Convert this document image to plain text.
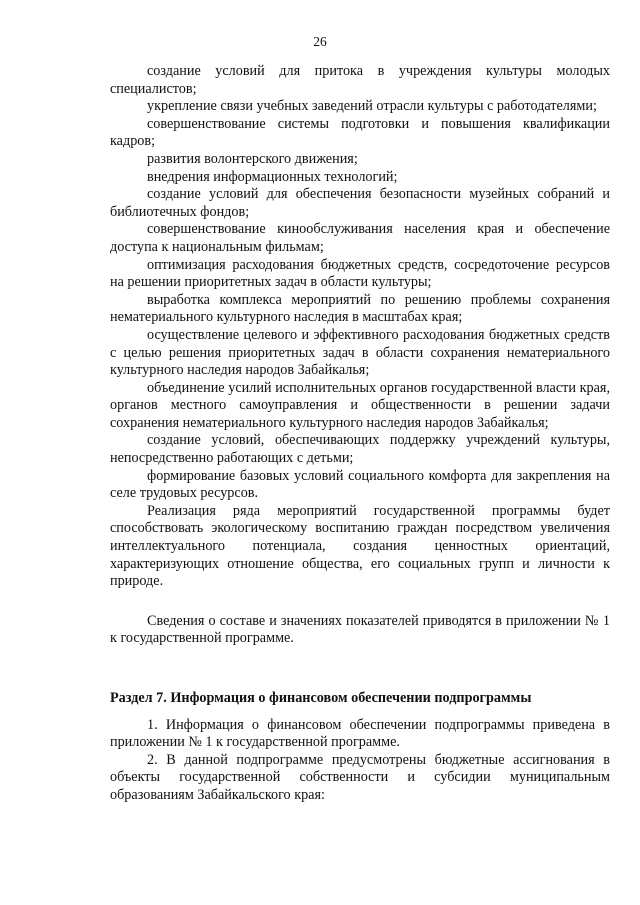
26

создание условий для притока в учреждения культуры молодых специалистов;

укрепление связи учебных заведений отрасли культуры с работодателями;

совершенствование системы подготовки и повышения квалификации кадров;

развития волонтерского движения;

внедрения информационных технологий;

создание условий для обеспечения безопасности музейных собраний и библиотечных фондов;

совершенствование кинообслуживания населения края и обеспечение доступа к национальным фильмам;

оптимизация расходования бюджетных средств, сосредоточение ресурсов на решении приоритетных задач в области культуры;

выработка комплекса мероприятий по решению проблемы сохранения нематериального культурного наследия в масштабах края;

осуществление целевого и эффективного расходования бюджетных средств с целью решения приоритетных задач в области сохранения нематериального культурного наследия народов Забайкалья;

объединение усилий исполнительных органов государственной власти края, органов местного самоуправления и общественности в решении задачи сохранения нематериального культурного наследия народов Забайкалья;

создание условий, обеспечивающих поддержку учреждений культуры, непосредственно работающих с детьми;

формирование базовых условий социального комфорта для закрепления на селе трудовых ресурсов.

Реализация ряда мероприятий государственной программы будет способствовать экологическому воспитанию граждан посредством увеличения интеллектуального потенциала, создания ценностных ориентаций, характеризующих отношение общества, его социальных групп и личности к природе.

Сведения о составе и значениях показателей приводятся в приложении № 1 к государственной программе.

Раздел 7. Информация о финансовом обеспечении подпрограммы

1. Информация о финансовом обеспечении подпрограммы приведена в приложении № 1 к государственной программе.

2. В данной подпрограмме предусмотрены бюджетные ассигнования в объекты государственной собственности и субсидии муниципальным образованиям Забайкальского края:
